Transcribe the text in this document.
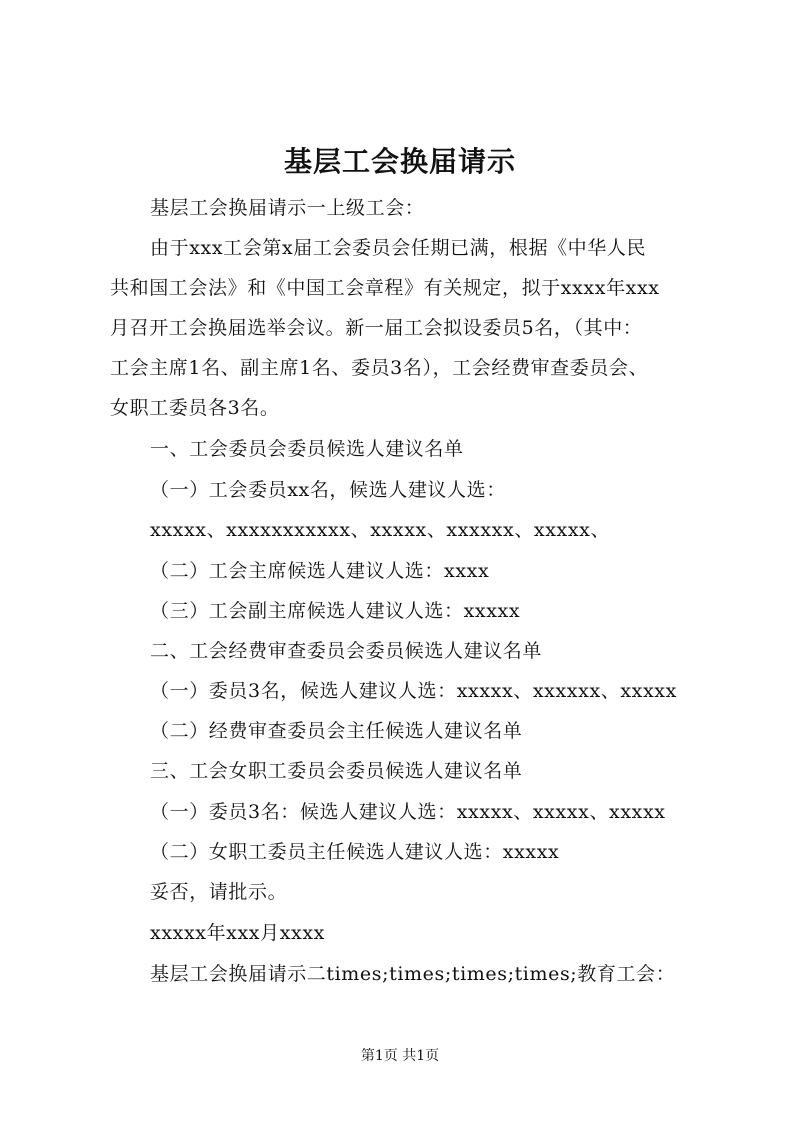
基层工会换届请示
基层工会换届请示一上级工会：
由于xxx工会第x届工会委员会任期已满，根据《中华人民
共和国工会法》和《中国工会章程》有关规定，拟于xxxx年xxx
月召开工会换届选举会议。新一届工会拟设委员5名，（其中：
工会主席1名、副主席1名、委员3名），工会经费审查委员会、
女职工委员各3名。
一、工会委员会委员候选人建议名单
（一）工会委员xx名，候选人建议人选：
xxxxx、xxxxxxxxxxx、xxxxx、xxxxxx、xxxxx、
（二）工会主席候选人建议人选：xxxx
（三）工会副主席候选人建议人选：xxxxx
二、工会经费审查委员会委员候选人建议名单
（一）委员3名，候选人建议人选：xxxxx、xxxxxx、xxxxx
（二）经费审查委员会主任候选人建议名单
三、工会女职工委员会委员候选人建议名单
（一）委员3名：候选人建议人选：xxxxx、xxxxx、xxxxx
（二）女职工委员主任候选人建议人选：xxxxx
妥否，请批示。
xxxxx年xxx月xxxx
基层工会换届请示二times;times;times;times;教育工会：
第1页 共1页
